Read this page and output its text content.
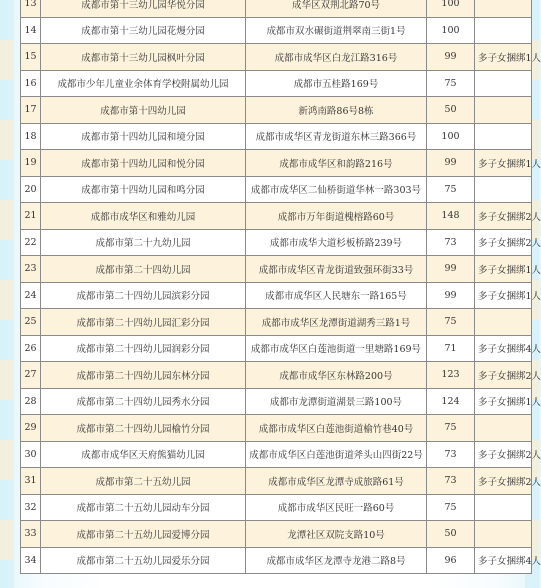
13	成都市第十三幼儿园华悦分园	成华区双荆北路70号	100	
14	成都市第十三幼儿园花熳分园	成都市双水碾街道荆翠南三街1号	100	
15	成都市第十三幼儿园枫叶分园	成都市成华区白龙江路316号	99	多子女捆绑1人
16	成都市少年儿童业余体育学校附属幼儿园	成都市五桂路169号	75	
17	成都市第十四幼儿园	新鸿南路86号8栋	50	
18	成都市第十四幼儿园和境分园	成都市成华区青龙街道东林三路366号	100	
19	成都市第十四幼儿园和悦分园	成都市成华区和韵路216号	99	多子女捆绑1人
20	成都市第十四幼儿园和鸣分园	成都市成华区二仙桥街道华林一路303号	75	
21	成都市成华区和雅幼儿园	成都市万年街道槐榕路60号	148	多子女捆绑2人
22	成都市第二十九幼儿园	成都市成华大道杉板桥路239号	73	多子女捆绑2人
23	成都市第二十四幼儿园	成都市成华区青龙街道致强环街33号	99	多子女捆绑1人
24	成都市第二十四幼儿园滨彩分园	成都市成华区人民塘东一路165号	99	多子女捆绑1人
25	成都市第二十四幼儿园汇彩分园	成都市成华区龙潭街道湖秀三路1号	75	
26	成都市第二十四幼儿园润彩分园	成都市成华区白莲池街道一里塘路169号	71	多子女捆绑4人
27	成都市第二十四幼儿园东林分园	成都市成华区东林路200号	123	多子女捆绑2人
28	成都市第二十四幼儿园秀水分园	成都市龙潭街道湖景三路100号	124	多子女捆绑1人
29	成都市第二十四幼儿园榆竹分园	成都市成华区白莲池街道榆竹巷40号	75	
30	成都市成华区天府熊猫幼儿园	成都市成华区白莲池街道斧头山四街22号	73	多子女捆绑2人
31	成都市第二十五幼儿园	成都市成华区龙潭寺成旅路61号	73	多子女捆绑2人
32	成都市第二十五幼儿园动车分园	成都市成华区民旺一路60号	75	
33	成都市第二十五幼儿园爱博分园	龙潭社区双院支路10号	50	
34	成都市第二十五幼儿园爱乐分园	成都市成华区龙潭寺龙港二路8号	96	多子女捆绑4人
